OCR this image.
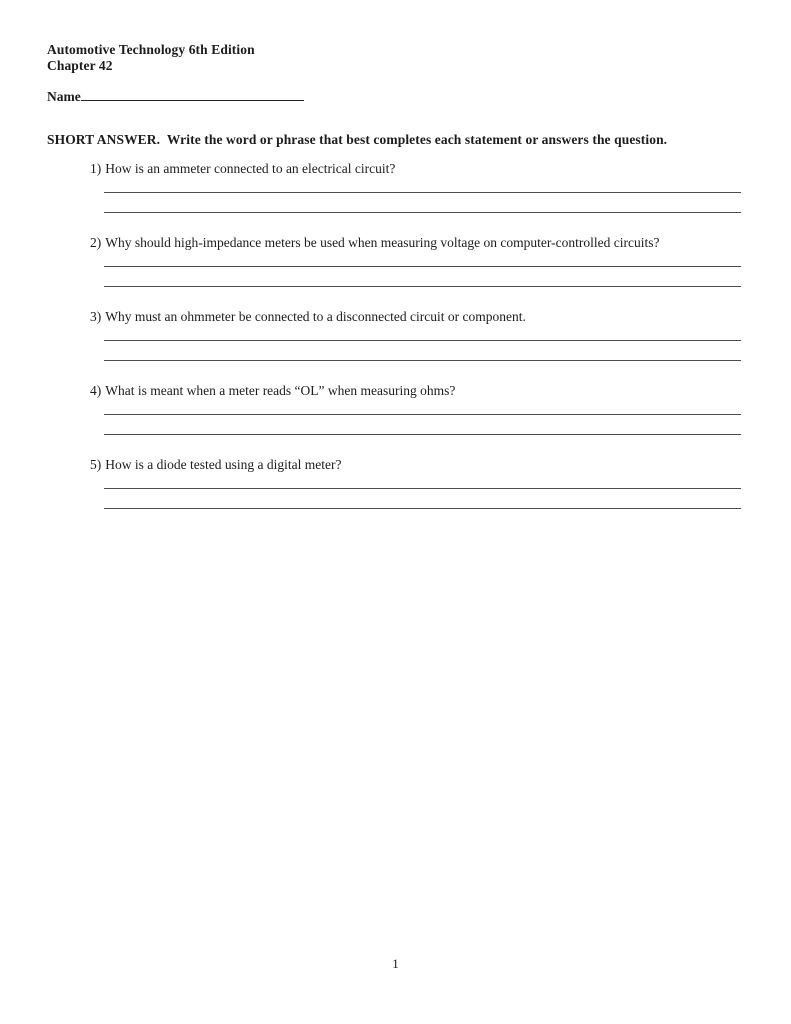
Automotive Technology 6th Edition
Chapter 42
Name
SHORT ANSWER.  Write the word or phrase that best completes each statement or answers the question.
1) How is an ammeter connected to an electrical circuit?
2) Why should high-impedance meters be used when measuring voltage on computer-controlled circuits?
3) Why must an ohmmeter be connected to a disconnected circuit or component.
4) What is meant when a meter reads “OL” when measuring ohms?
5) How is a diode tested using a digital meter?
1
